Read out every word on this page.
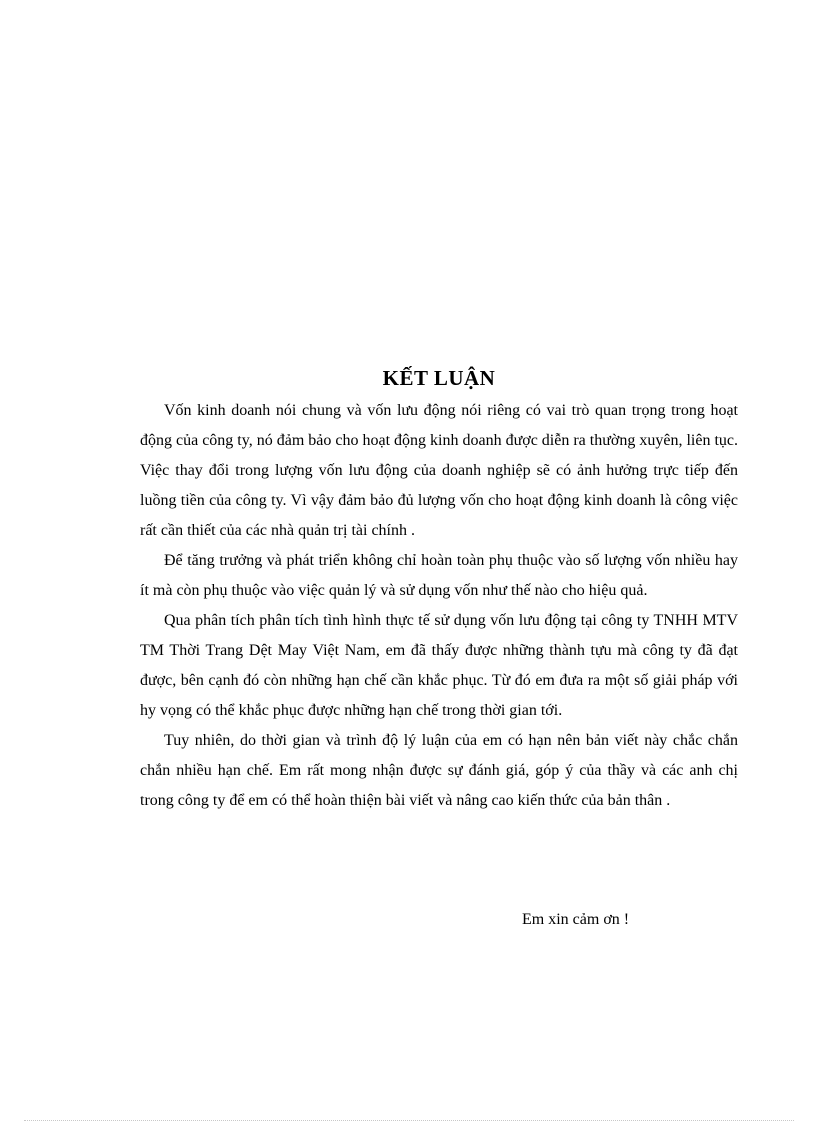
KẾT LUẬN

Vốn kinh doanh nói chung và vốn lưu động nói riêng có vai trò quan trọng trong hoạt động của công ty, nó đảm bảo cho hoạt động kinh doanh được diễn ra thường xuyên, liên tục. Việc thay đổi trong lượng vốn lưu động của doanh nghiệp sẽ có ảnh hưởng trực tiếp đến luồng tiền của công ty. Vì vậy đảm bảo đủ lượng vốn cho hoạt động kinh doanh là công việc rất cần thiết của các nhà quản trị tài chính .

Để tăng trưởng và phát triển không chỉ hoàn toàn phụ thuộc vào số lượng vốn nhiều hay ít mà còn phụ thuộc vào việc quản lý và sử dụng vốn như thế nào cho hiệu quả.

Qua phân tích phân tích tình hình thực tế sử dụng vốn lưu động tại công ty TNHH MTV TM Thời Trang Dệt May Việt Nam, em đã thấy được những thành tựu mà công ty đã đạt được, bên cạnh đó còn những hạn chế cần khắc phục. Từ đó em đưa ra một số giải pháp với hy vọng có thể khắc phục được những hạn chế trong thời gian tới.

Tuy nhiên, do thời gian và trình độ lý luận của em có hạn nên bản viết này chắc chắn chắn nhiều hạn chế. Em rất mong nhận được sự đánh giá, góp ý của thầy và các anh chị trong công ty để em có thể hoàn thiện bài viết và nâng cao kiến thức của bản thân .

Em xin cảm ơn !
